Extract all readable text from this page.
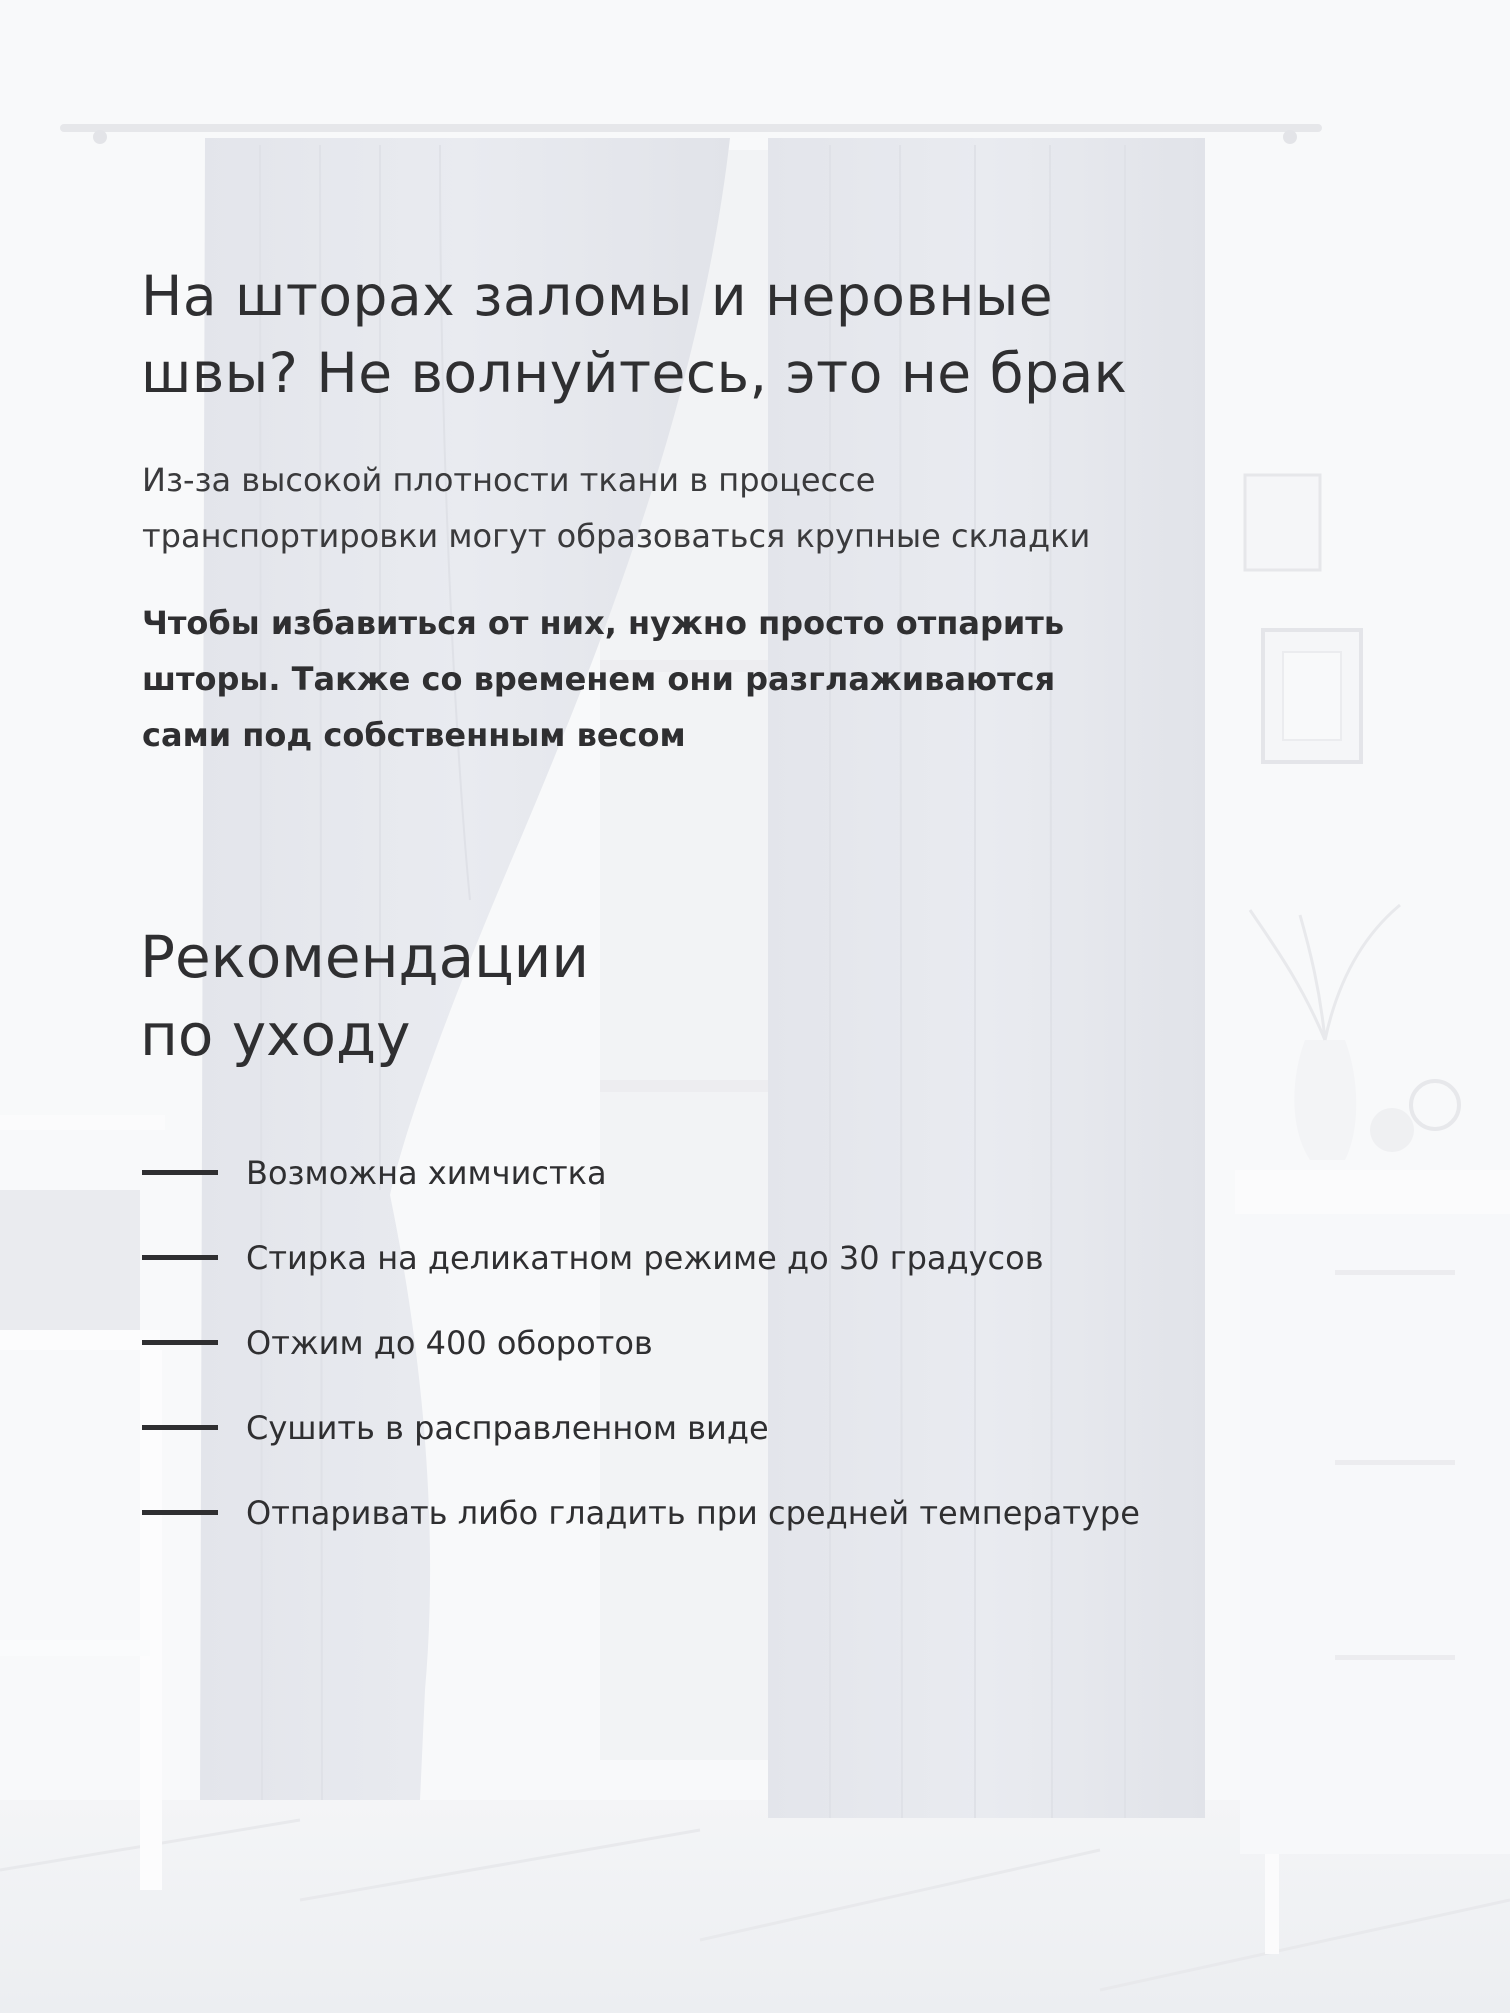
На шторах заломы и неровные
швы? Не волнуйтесь, это не брак

Из-за высокой плотности ткани в процессе
транспортировки могут образоваться крупные складки

Чтобы избавиться от них, нужно просто отпарить
шторы. Также со временем они разглаживаются
сами под собственным весом

Рекомендации
по уходу
Возможна химчистка
Стирка на деликатном режиме до 30 градусов
Отжим до 400 оборотов
Сушить в расправленном виде
Отпаривать либо гладить при средней температуре
